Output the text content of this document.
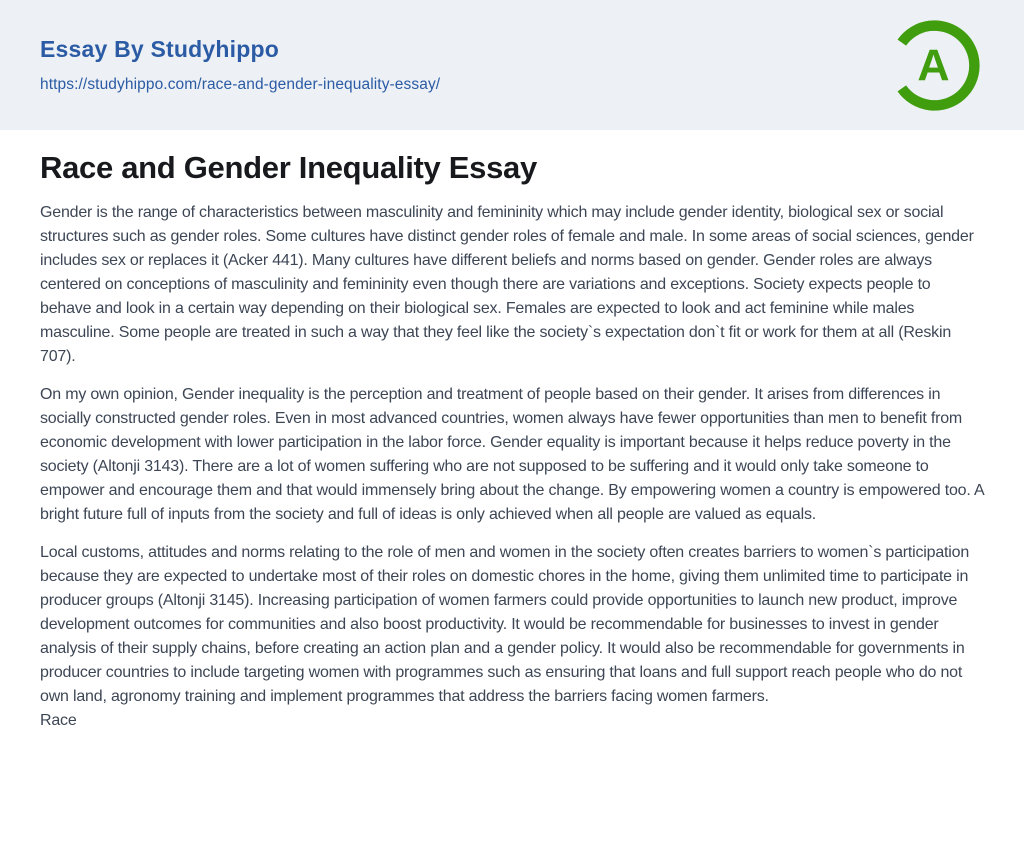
Essay By Studyhippo
https://studyhippo.com/race-and-gender-inequality-essay/	A
Race and Gender Inequality Essay

Gender is the range of characteristics between masculinity and femininity which may include gender identity, biological sex or social structures such as gender roles. Some cultures have distinct gender roles of female and male. In some areas of social sciences, gender includes sex or replaces it (Acker 441). Many cultures have different beliefs and norms based on gender. Gender roles are always centered on conceptions of masculinity and femininity even though there are variations and exceptions. Society expects people to behave and look in a certain way depending on their biological sex. Females are expected to look and act feminine while males masculine. Some people are treated in such a way that they feel like the society`s expectation don`t fit or work for them at all (Reskin 707).

On my own opinion, Gender inequality is the perception and treatment of people based on their gender. It arises from differences in socially constructed gender roles. Even in most advanced countries, women always have fewer opportunities than men to benefit from economic development with lower participation in the labor force. Gender equality is important because it helps reduce poverty in the society (Altonji 3143). There are a lot of women suffering who are not supposed to be suffering and it would only take someone to empower and encourage them and that would immensely bring about the change. By empowering women a country is empowered too. A bright future full of inputs from the society and full of ideas is only achieved when all people are valued as equals.

Local customs, attitudes and norms relating to the role of men and women in the society often creates barriers to women`s participation because they are expected to undertake most of their roles on domestic chores in the home, giving them unlimited time to participate in producer groups (Altonji 3145). Increasing participation of women farmers could provide opportunities to launch new product, improve development outcomes for communities and also boost productivity. It would be recommendable for businesses to invest in gender analysis of their supply chains, before creating an action plan and a gender policy. It would also be recommendable for governments in producer countries to include targeting women with programmes such as ensuring that loans and full support reach people who do not own land, agronomy training and implement programmes that address the barriers facing women farmers.
Race
